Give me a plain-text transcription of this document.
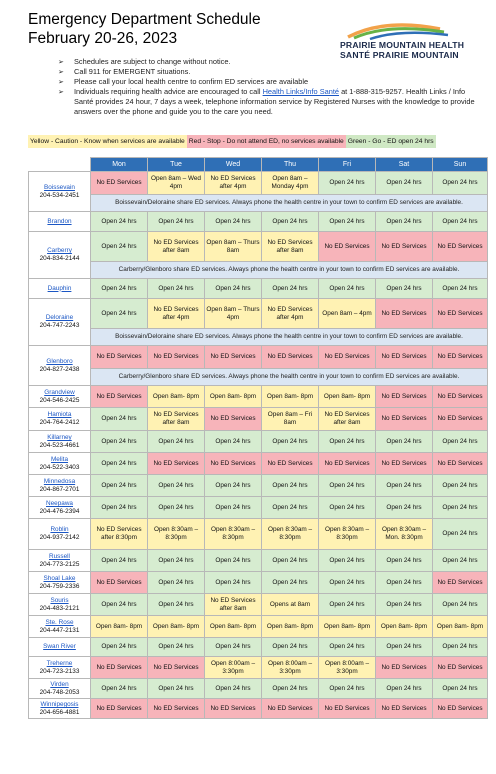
Emergency Department Schedule
February 20-26, 2023	PRAIRIE MOUNTAIN HEALTH
SANTÉ PRAIRIE MOUNTAIN
➢ Schedules are subject to change without notice.
➢ Call 911 for EMERGENT situations.
➢ Please call your local health centre to confirm ED services are available
➢ Individuals requiring health advice are encouraged to call Health Links/Info Santé at 1-888-315-9257. Health Links / Info Santé provides 24 hour, 7 days a week, telephone information service by Registered Nurses with the knowledge to provide answers over the phone and guide you to the care you need.
Yellow - Caution - Know when services are available Red - Stop - Do not attend ED, no services available Green - Go - ED open 24 hrs
	Mon	Tue	Wed	Thu	Fri	Sat	Sun

Boissevain
204-534-2451	No ED Services	Open 8am – Wed 4pm	No ED Services after 4pm	Open 8am – Monday 4pm	Open 24 hrs	Open 24 hrs	Open 24 hrs
	Boissevain/Deloraine share ED services. Always phone the health centre in your town to confirm ED services are available.						

Brandon	Open 24 hrs	Open 24 hrs	Open 24 hrs	Open 24 hrs	Open 24 hrs	Open 24 hrs	Open 24 hrs

Carberry
204-834-2144	Open 24 hrs	No ED Services after 8am	Open 8am – Thurs 8am	No ED Services after 8am	No ED Services	No ED Services	No ED Services
	Carberry/Glenboro share ED services. Always phone the health centre in your town to confirm ED services are available.						

Dauphin	Open 24 hrs	Open 24 hrs	Open 24 hrs	Open 24 hrs	Open 24 hrs	Open 24 hrs	Open 24 hrs

Deloraine
204-747-2243	Open 24 hrs	No ED Services after 4pm	Open 8am – Thurs 4pm	No ED Services after 4pm	Open 8am – 4pm	No ED Services	No ED Services
	Boissevain/Deloraine share ED services. Always phone the health centre in your town to confirm ED services are available.						

Glenboro
204-827-2438	No ED Services	No ED Services	No ED Services	No ED Services	No ED Services	No ED Services	No ED Services
	Carberry/Glenboro share ED services. Always phone the health centre in your town to confirm ED services are available.						

Grandview
204-546-2425	No ED Services	Open 8am- 8pm	Open 8am- 8pm	Open 8am- 8pm	Open 8am- 8pm	No ED Services	No ED Services

Hamiota
204-764-2412	Open 24 hrs	No ED Services after 8am	No ED Services	Open 8am – Fri 8am	No ED Services after 8am	No ED Services	No ED Services

Killarney
204-523-4661	Open 24 hrs	Open 24 hrs	Open 24 hrs	Open 24 hrs	Open 24 hrs	Open 24 hrs	Open 24 hrs

Melita
204-522-3403	Open 24 hrs	No ED Services	No ED Services	No ED Services	No ED Services	No ED Services	No ED Services

Minnedosa
204-867-2701	Open 24 hrs	Open 24 hrs	Open 24 hrs	Open 24 hrs	Open 24 hrs	Open 24 hrs	Open 24 hrs

Neepawa
204-476-2394	Open 24 hrs	Open 24 hrs	Open 24 hrs	Open 24 hrs	Open 24 hrs	Open 24 hrs	Open 24 hrs

Roblin
204-937-2142	No ED Services after 8:30pm	Open 8:30am – 8:30pm	Open 8:30am – 8:30pm	Open 8:30am – 8:30pm	Open 8:30am – 8:30pm	Open 8:30am – Mon. 8:30pm	Open 24 hrs

Russell
204-773-2125	Open 24 hrs	Open 24 hrs	Open 24 hrs	Open 24 hrs	Open 24 hrs	Open 24 hrs	Open 24 hrs

Shoal Lake
204-759-2336	No ED Services	Open 24 hrs	Open 24 hrs	Open 24 hrs	Open 24 hrs	Open 24 hrs	No ED Services

Souris
204-483-2121	Open 24 hrs	Open 24 hrs	No ED Services after 8am	Opens at 8am	Open 24 hrs	Open 24 hrs	Open 24 hrs

Ste. Rose
204-447-2131	Open 8am- 8pm	Open 8am- 8pm	Open 8am- 8pm	Open 8am- 8pm	Open 8am- 8pm	Open 8am- 8pm	Open 8am- 8pm

Swan River	Open 24 hrs	Open 24 hrs	Open 24 hrs	Open 24 hrs	Open 24 hrs	Open 24 hrs	Open 24 hrs

Treherne
204-723-2133	No ED Services	No ED Services	Open 8:00am – 3:30pm	Open 8:00am – 3:30pm	Open 8:00am – 3:30pm	No ED Services	No ED Services

Virden
204-748-2053	Open 24 hrs	Open 24 hrs	Open 24 hrs	Open 24 hrs	Open 24 hrs	Open 24 hrs	Open 24 hrs

Winnipegosis
204-656-4881	No ED Services	No ED Services	No ED Services	No ED Services	No ED Services	No ED Services	No ED Services
